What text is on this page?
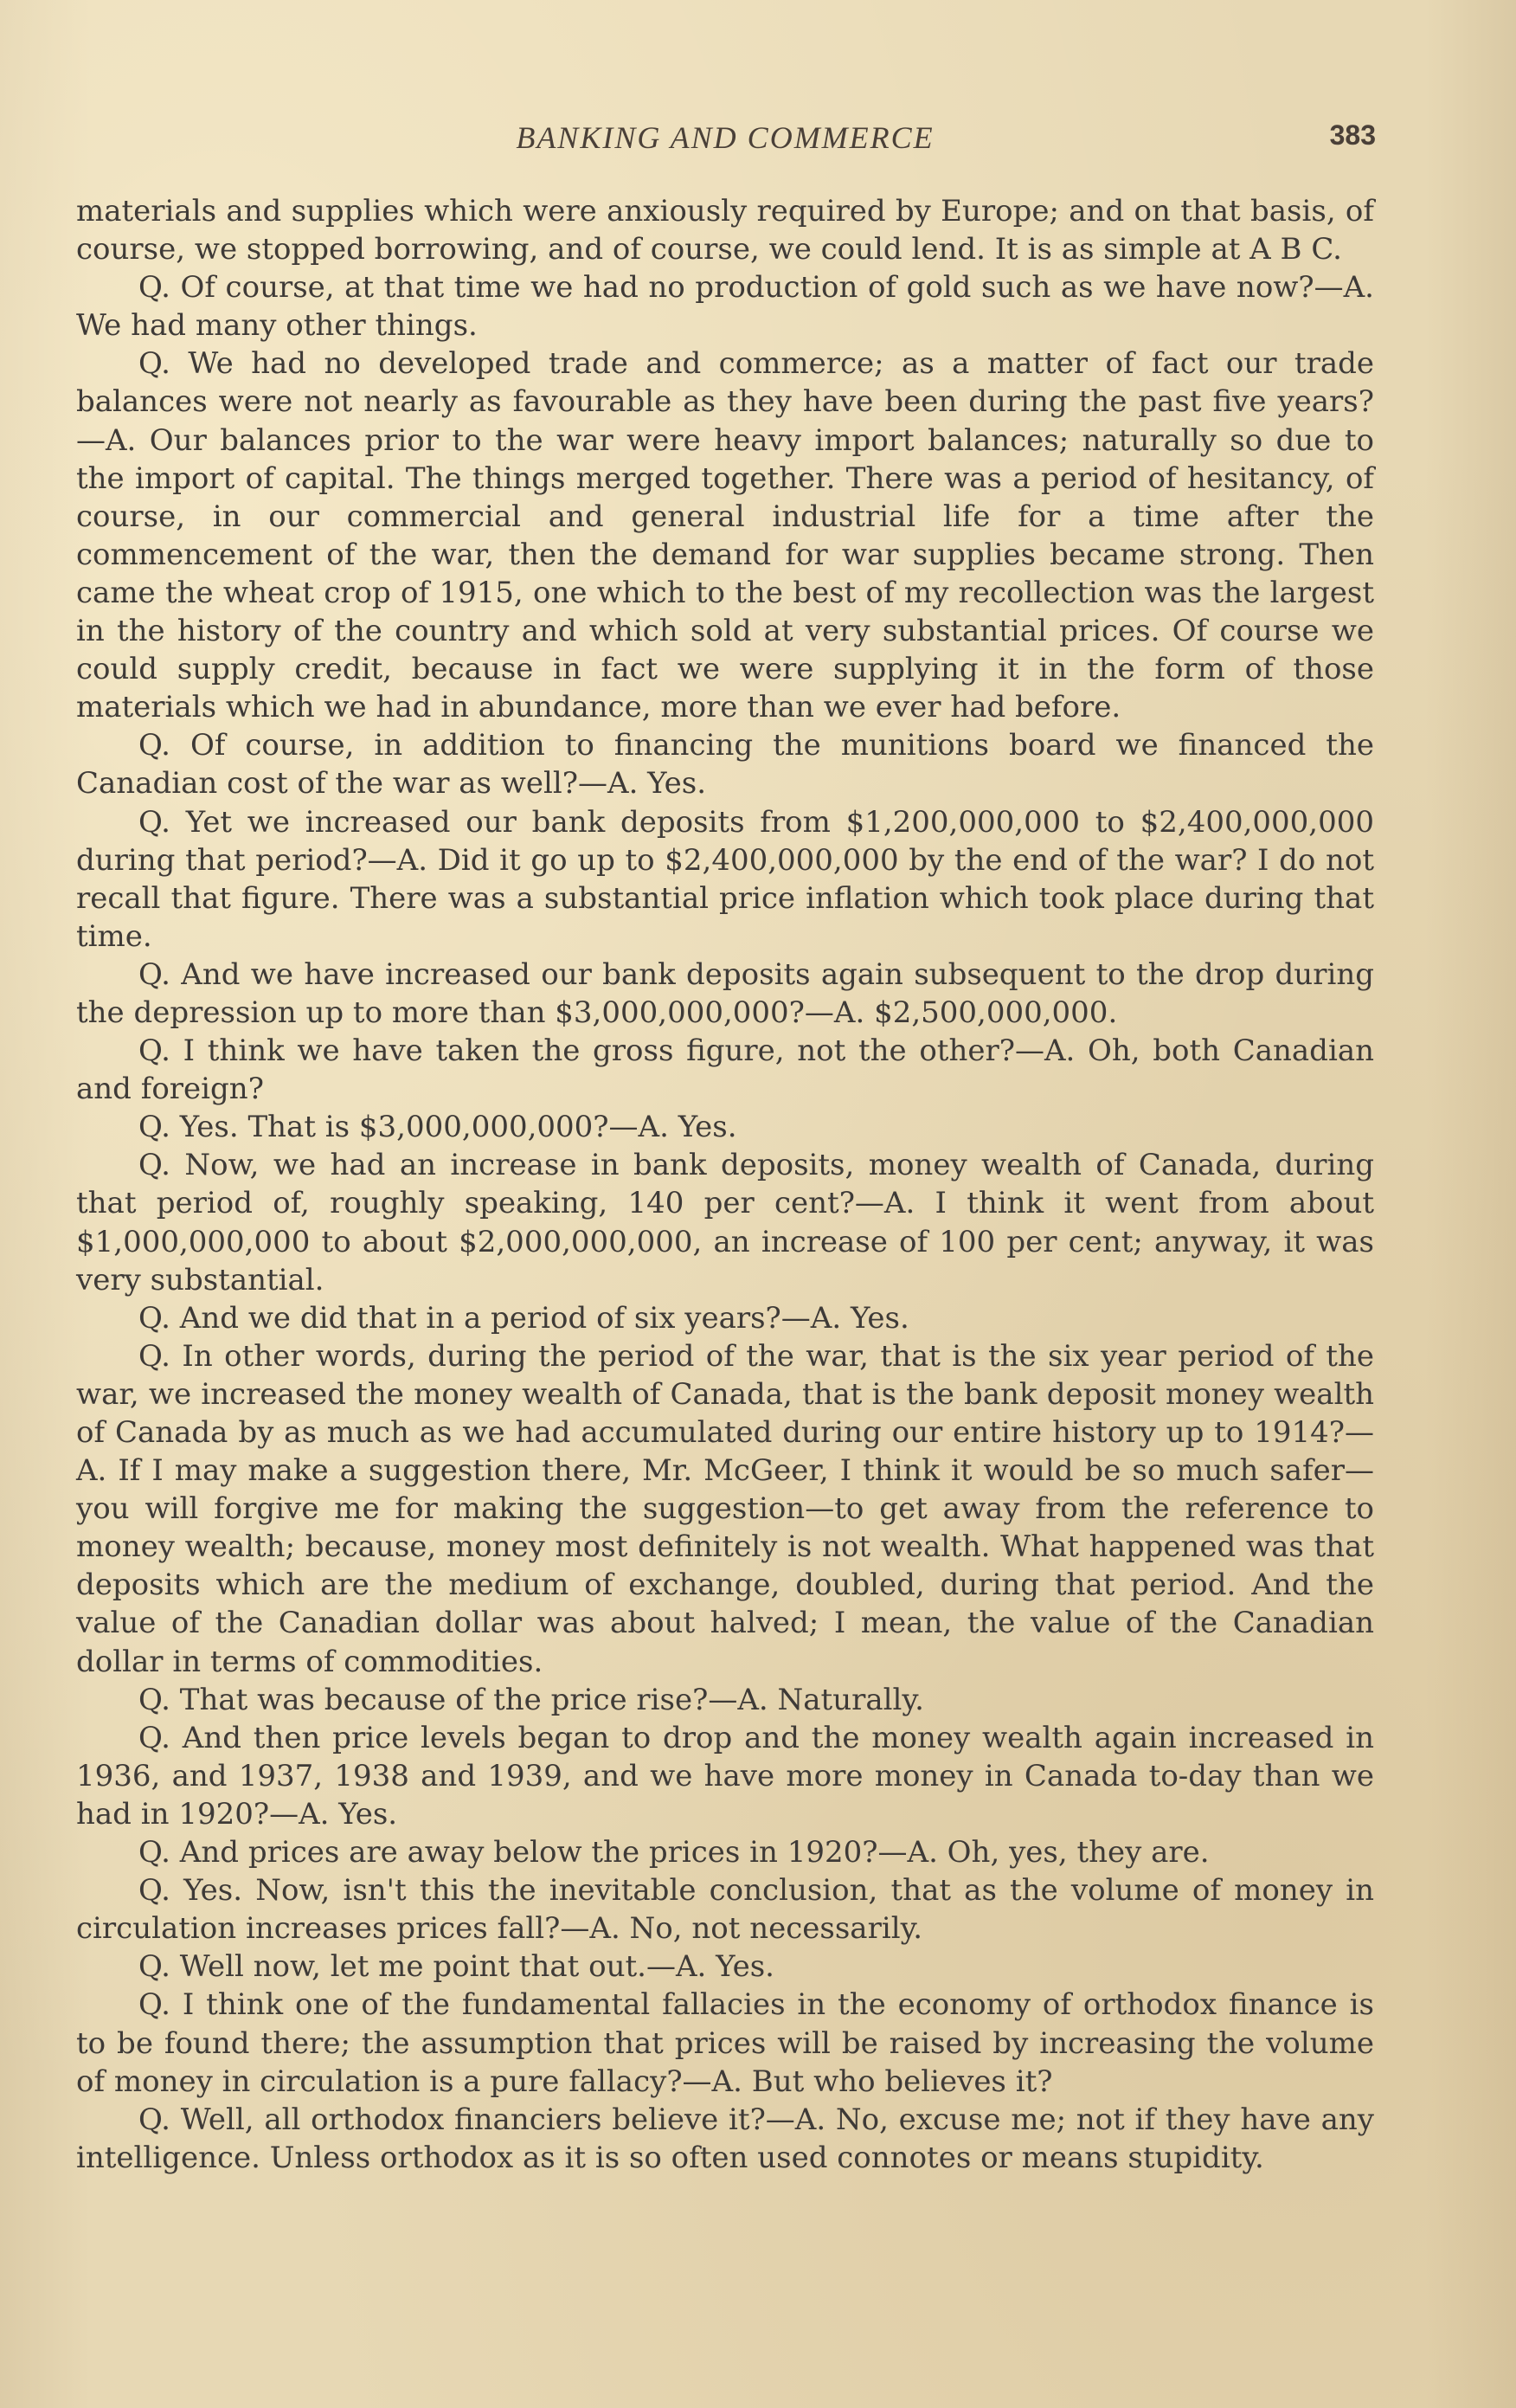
BANKING AND COMMERCE	383

materials and supplies which were anxiously required by Europe; and on that basis, of course, we stopped borrowing, and of course, we could lend. It is as simple at A B C.

Q. Of course, at that time we had no production of gold such as we have now?—A. We had many other things.

Q. We had no developed trade and commerce; as a matter of fact our trade balances were not nearly as favourable as they have been during the past five years?—A. Our balances prior to the war were heavy import balances; naturally so due to the import of capital. The things merged together. There was a period of hesitancy, of course, in our commercial and general industrial life for a time after the commencement of the war, then the demand for war supplies became strong. Then came the wheat crop of 1915, one which to the best of my recollection was the largest in the history of the country and which sold at very substantial prices. Of course we could supply credit, because in fact we were supplying it in the form of those materials which we had in abundance, more than we ever had before.

Q. Of course, in addition to financing the munitions board we financed the Canadian cost of the war as well?—A. Yes.

Q. Yet we increased our bank deposits from $1,200,000,000 to $2,400,000,000 during that period?—A. Did it go up to $2,400,000,000 by the end of the war? I do not recall that figure. There was a substantial price inflation which took place during that time.

Q. And we have increased our bank deposits again subsequent to the drop during the depression up to more than $3,000,000,000?—A. $2,500,000,000.

Q. I think we have taken the gross figure, not the other?—A. Oh, both Canadian and foreign?

Q. Yes. That is $3,000,000,000?—A. Yes.

Q. Now, we had an increase in bank deposits, money wealth of Canada, during that period of, roughly speaking, 140 per cent?—A. I think it went from about $1,000,000,000 to about $2,000,000,000, an increase of 100 per cent; anyway, it was very substantial.

Q. And we did that in a period of six years?—A. Yes.

Q. In other words, during the period of the war, that is the six year period of the war, we increased the money wealth of Canada, that is the bank deposit money wealth of Canada by as much as we had accumulated during our entire history up to 1914?—A. If I may make a suggestion there, Mr. McGeer, I think it would be so much safer—you will forgive me for making the suggestion—to get away from the reference to money wealth; because, money most definitely is not wealth. What happened was that deposits which are the medium of exchange, doubled, during that period. And the value of the Canadian dollar was about halved; I mean, the value of the Canadian dollar in terms of commodities.

Q. That was because of the price rise?—A. Naturally.

Q. And then price levels began to drop and the money wealth again increased in 1936, and 1937, 1938 and 1939, and we have more money in Canada to-day than we had in 1920?—A. Yes.

Q. And prices are away below the prices in 1920?—A. Oh, yes, they are.

Q. Yes. Now, isn't this the inevitable conclusion, that as the volume of money in circulation increases prices fall?—A. No, not necessarily.

Q. Well now, let me point that out.—A. Yes.

Q. I think one of the fundamental fallacies in the economy of orthodox finance is to be found there; the assumption that prices will be raised by increasing the volume of money in circulation is a pure fallacy?—A. But who believes it?

Q. Well, all orthodox financiers believe it?—A. No, excuse me; not if they have any intelligence. Unless orthodox as it is so often used connotes or means stupidity.
